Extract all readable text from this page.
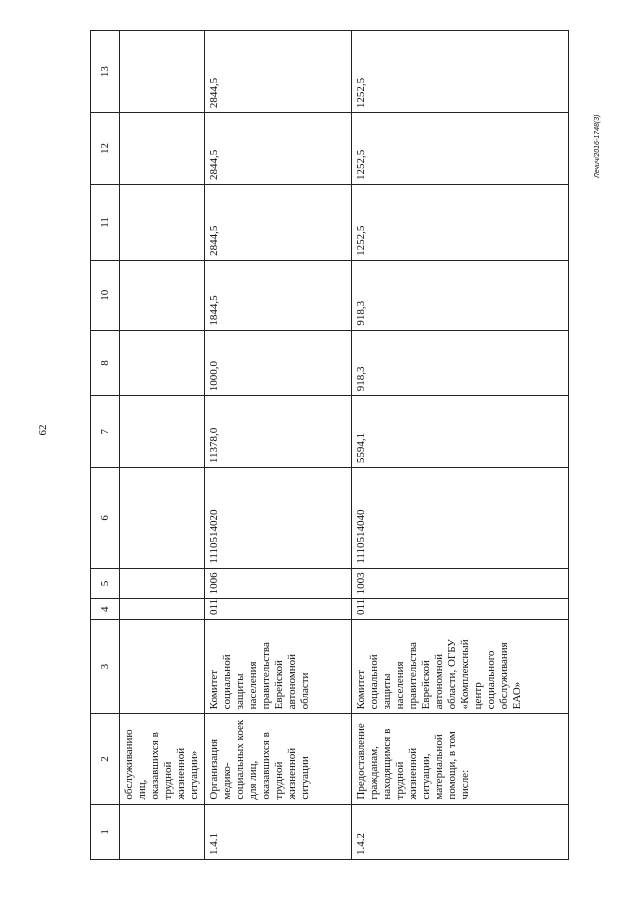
62
Лечич/2016-1748(3)
1	2	3	4	5	6	7	8	10	11	12	13
	обслуживанию лиц, оказавшихся в трудной жизненной ситуации»										
1.4.1	Организация медико-социальных коек для лиц, оказавшихся в трудной жизненной ситуации	Комитет социальной защиты населения правительства Еврейской автономной области	011	1006	1110514020	11378,0	1000,0	1844,5	2844,5	2844,5	2844,5
1.4.2	Предоставление гражданам, находящимся в трудной жизненной ситуации, материальной помощи, в том числе:	Комитет социальной защиты населения правительства Еврейской автономной области, ОГБУ «Комплексный центр социального обслуживания ЕАО»	011	1003	1110514040	5594,1	918,3	918,3	1252,5	1252,5	1252,5
